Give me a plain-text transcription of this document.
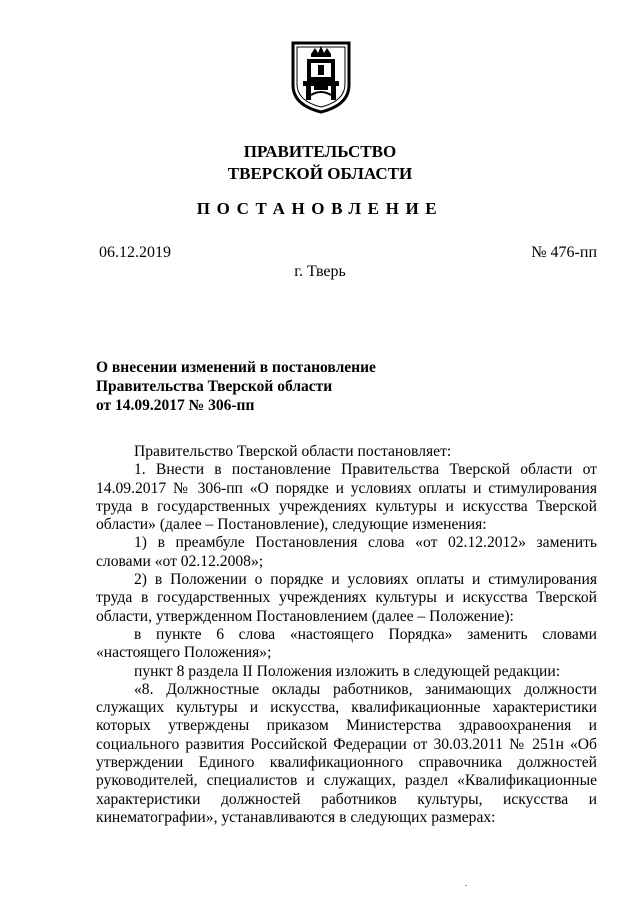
ПРАВИТЕЛЬСТВО
ТВЕРСКОЙ ОБЛАСТИ
ПОСТАНОВЛЕНИЕ
06.12.2019	№ 476-пп
г. Тверь
О внесении изменений в постановление
Правительства Тверской области
от 14.09.2017 № 306-пп

Правительство Тверской области постановляет:

1. Внести в постановление Правительства Тверской области от 14.09.2017 № 306-пп «О порядке и условиях оплаты и стимулирования труда в государственных учреждениях культуры и искусства Тверской области» (далее – Постановление), следующие изменения:

1) в преамбуле Постановления слова «от 02.12.2012» заменить словами «от 02.12.2008»;

2) в Положении о порядке и условиях оплаты и стимулирования труда в государственных учреждениях культуры и искусства Тверской области, утвержденном Постановлением (далее – Положение):

в пункте 6 слова «настоящего Порядка» заменить словами «настоящего Положения»;

пункт 8 раздела II Положения изложить в следующей редакции:

«8. Должностные оклады работников, занимающих должности служащих культуры и искусства, квалификационные характеристики которых утверждены приказом Министерства здравоохранения и социального развития Российской Федерации от 30.03.2011 № 251н «Об утверждении Единого квалификационного справочника должностей руководителей, специалистов и служащих, раздел «Квалификационные характеристики должностей работников культуры, искусства и кинематографии», устанавливаются в следующих размерах:
